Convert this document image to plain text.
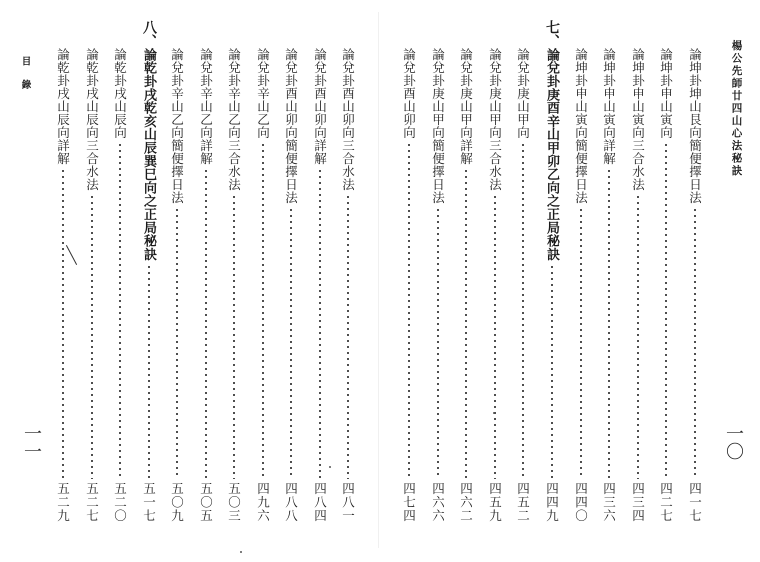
楊公先師廿四山心法秘訣
一〇
目錄
一一
論坤卦坤山艮向簡便擇日法
四一七
論坤卦申山寅向
四二七
論坤卦申山寅向三合水法
四三四
論坤卦申山寅向詳解
四三六
論坤卦申山寅向簡便擇日法
四四〇
七、
論兌卦庚酉辛山甲卯乙向之正局秘訣
四四九
論兌卦庚山甲向
四五二
論兌卦庚山甲向三合水法
四五九
論兌卦庚山甲向詳解
四六二
論兌卦庚山甲向簡便擇日法
四六六
論兌卦酉山卯向
四七四
論兌卦酉山卯向三合水法
四八一
論兌卦酉山卯向詳解
四八四
論兌卦酉山卯向簡便擇日法
四八八
論兌卦辛山乙向
四九六
論兌卦辛山乙向三合水法
五〇三
論兌卦辛山乙向詳解
五〇五
論兌卦辛山乙向簡便擇日法
五〇九
八、
論乾卦戌乾亥山辰巽巳向之正局秘訣
五一七
論乾卦戌山辰向
五二〇
論乾卦戌山辰向三合水法
五二七
論乾卦戌山辰向詳解
五二九
